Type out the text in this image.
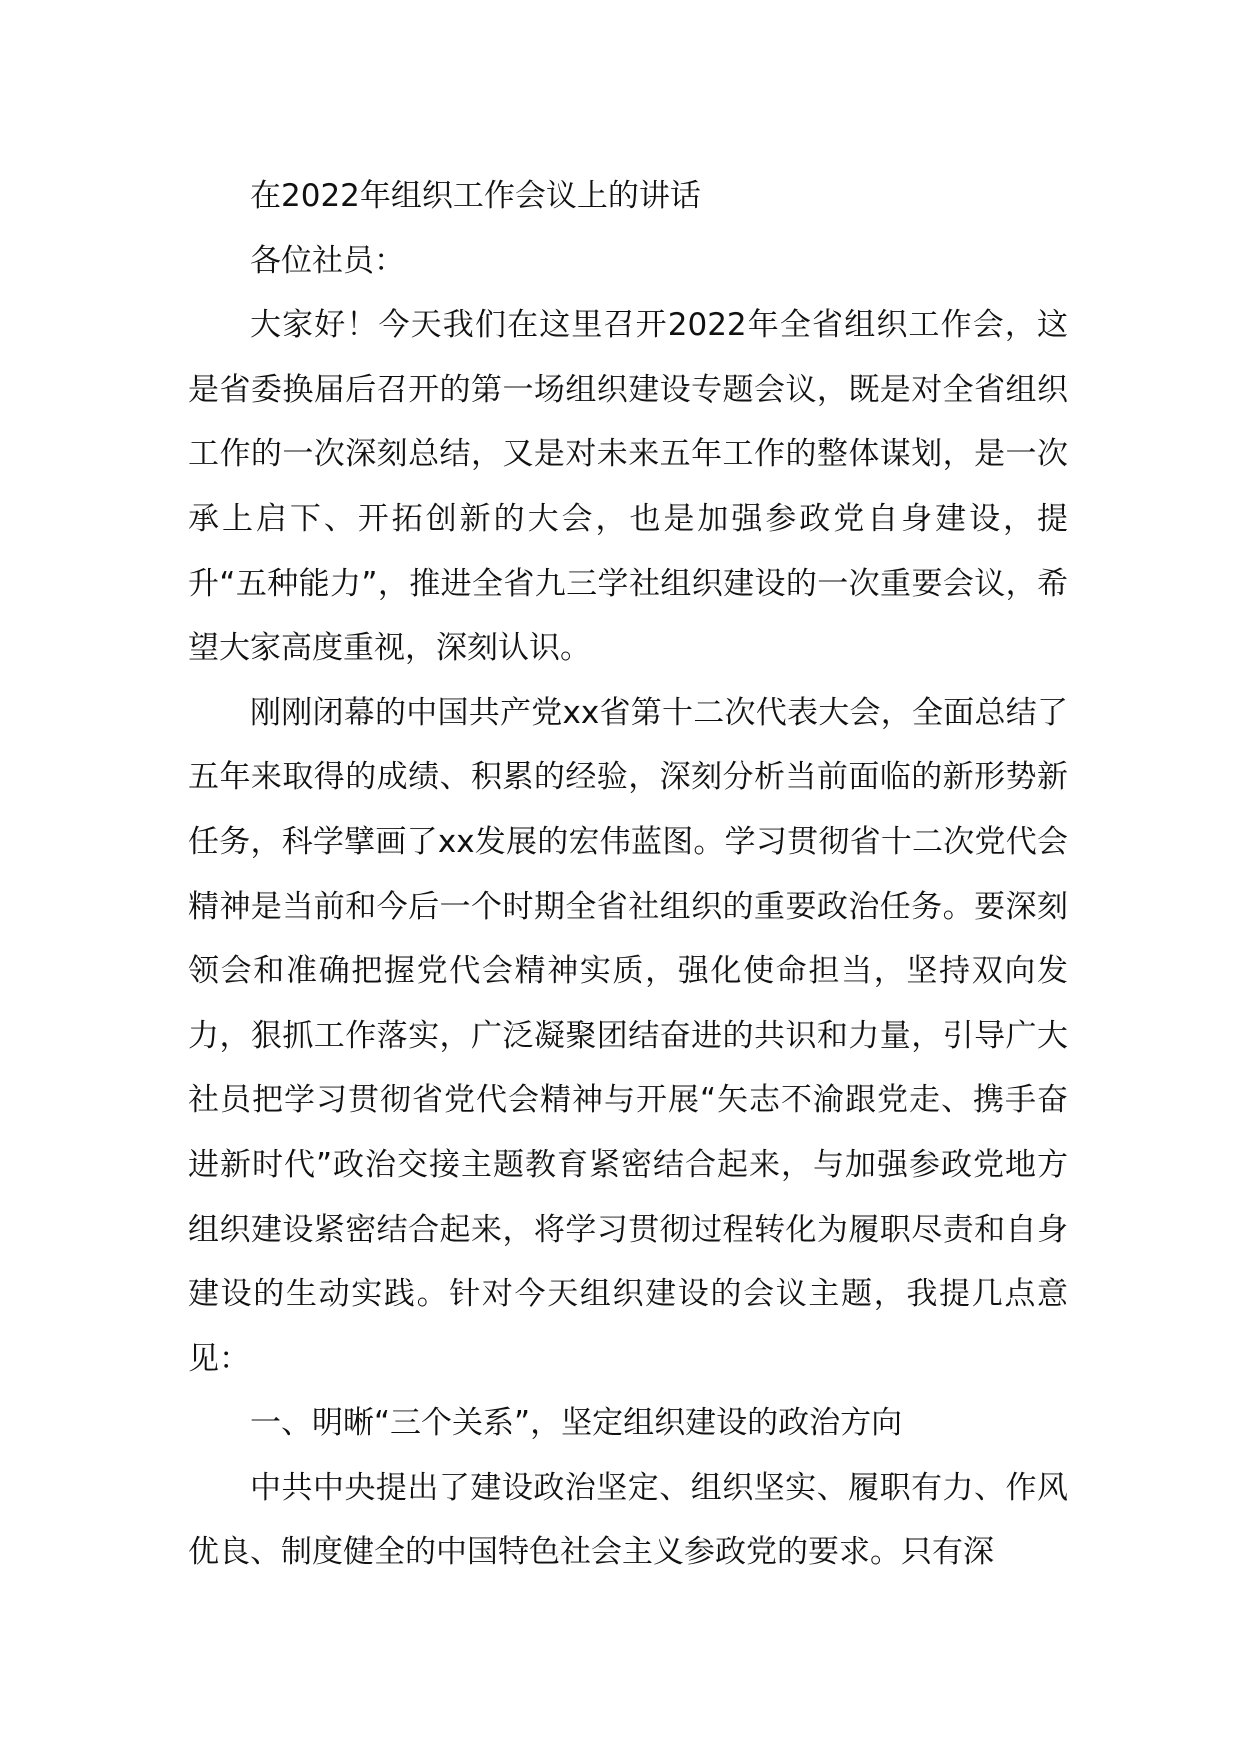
在2022年组织工作会议上的讲话

各位社员：

大家好！今天我们在这里召开2022年全省组织工作会，这是省委换届后召开的第一场组织建设专题会议，既是对全省组织工作的一次深刻总结，又是对未来五年工作的整体谋划，是一次承上启下、开拓创新的大会，也是加强参政党自身建设，提升“五种能力”，推进全省九三学社组织建设的一次重要会议，希望大家高度重视，深刻认识。

刚刚闭幕的中国共产党xx省第十二次代表大会，全面总结了五年来取得的成绩、积累的经验，深刻分析当前面临的新形势新任务，科学擘画了xx发展的宏伟蓝图。学习贯彻省十二次党代会精神是当前和今后一个时期全省社组织的重要政治任务。要深刻领会和准确把握党代会精神实质，强化使命担当，坚持双向发力，狠抓工作落实，广泛凝聚团结奋进的共识和力量，引导广大社员把学习贯彻省党代会精神与开展“矢志不渝跟党走、携手奋进新时代”政治交接主题教育紧密结合起来，与加强参政党地方组织建设紧密结合起来，将学习贯彻过程转化为履职尽责和自身建设的生动实践。针对今天组织建设的会议主题，我提几点意见：

一、明晰“三个关系”，坚定组织建设的政治方向

中共中央提出了建设政治坚定、组织坚实、履职有力、作风优良、制度健全的中国特色社会主义参政党的要求。只有深
